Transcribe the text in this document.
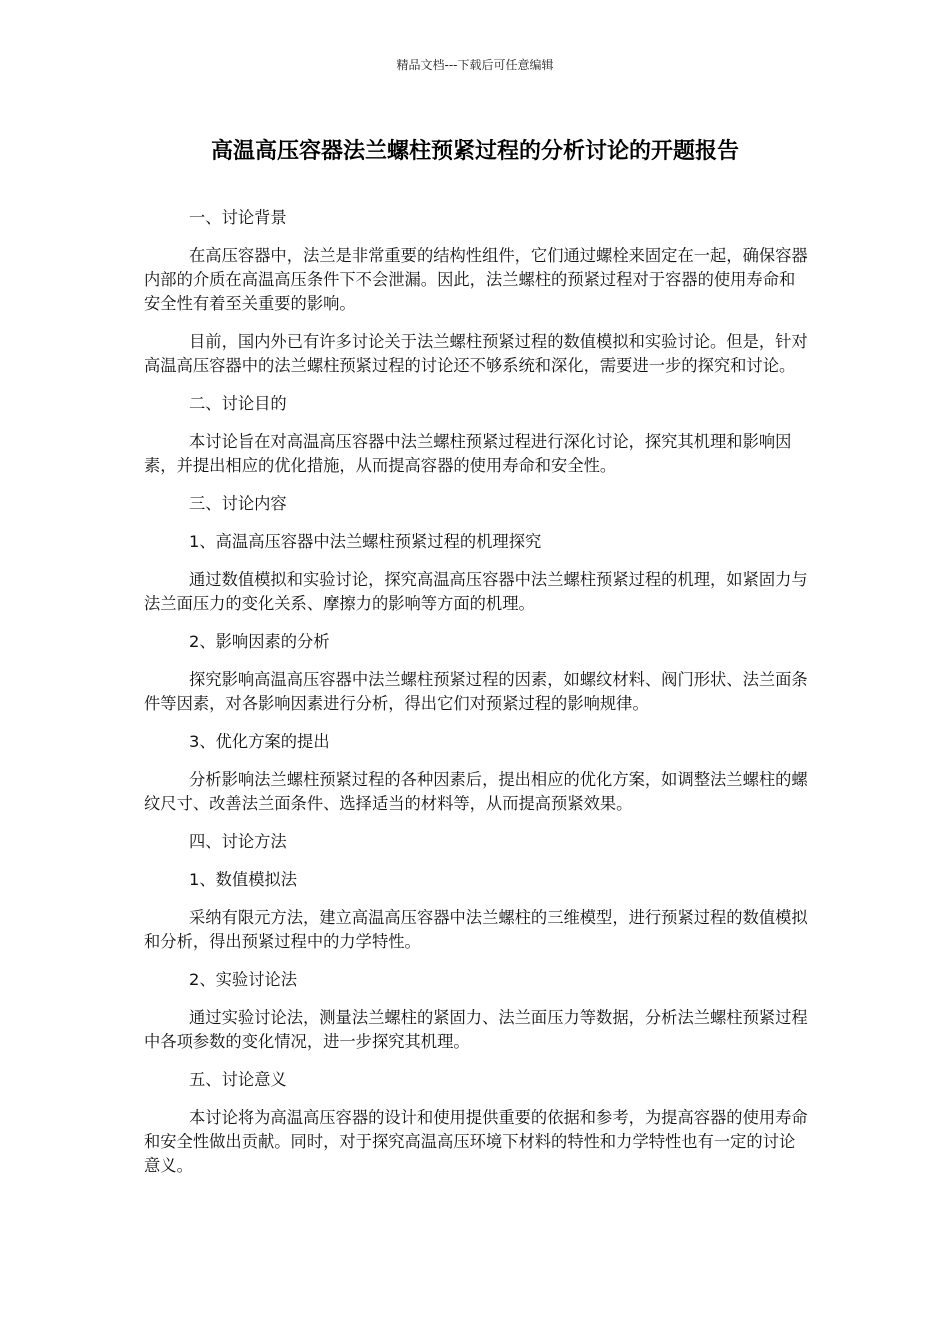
精品文档---下载后可任意编辑
高温高压容器法兰螺柱预紧过程的分析讨论的开题报告

一、讨论背景

在高压容器中，法兰是非常重要的结构性组件，它们通过螺栓来固定在一起，确保容器内部的介质在高温高压条件下不会泄漏。因此，法兰螺柱的预紧过程对于容器的使用寿命和安全性有着至关重要的影响。

目前，国内外已有许多讨论关于法兰螺柱预紧过程的数值模拟和实验讨论。但是，针对高温高压容器中的法兰螺柱预紧过程的讨论还不够系统和深化，需要进一步的探究和讨论。

二、讨论目的

本讨论旨在对高温高压容器中法兰螺柱预紧过程进行深化讨论，探究其机理和影响因素，并提出相应的优化措施，从而提高容器的使用寿命和安全性。

三、讨论内容

1、高温高压容器中法兰螺柱预紧过程的机理探究

通过数值模拟和实验讨论，探究高温高压容器中法兰螺柱预紧过程的机理，如紧固力与法兰面压力的变化关系、摩擦力的影响等方面的机理。

2、影响因素的分析

探究影响高温高压容器中法兰螺柱预紧过程的因素，如螺纹材料、阀门形状、法兰面条件等因素，对各影响因素进行分析，得出它们对预紧过程的影响规律。

3、优化方案的提出

分析影响法兰螺柱预紧过程的各种因素后，提出相应的优化方案，如调整法兰螺柱的螺纹尺寸、改善法兰面条件、选择适当的材料等，从而提高预紧效果。

四、讨论方法

1、数值模拟法

采纳有限元方法，建立高温高压容器中法兰螺柱的三维模型，进行预紧过程的数值模拟和分析，得出预紧过程中的力学特性。

2、实验讨论法

通过实验讨论法，测量法兰螺柱的紧固力、法兰面压力等数据，分析法兰螺柱预紧过程中各项参数的变化情况，进一步探究其机理。

五、讨论意义

本讨论将为高温高压容器的设计和使用提供重要的依据和参考，为提高容器的使用寿命和安全性做出贡献。同时，对于探究高温高压环境下材料的特性和力学特性也有一定的讨论意义。
